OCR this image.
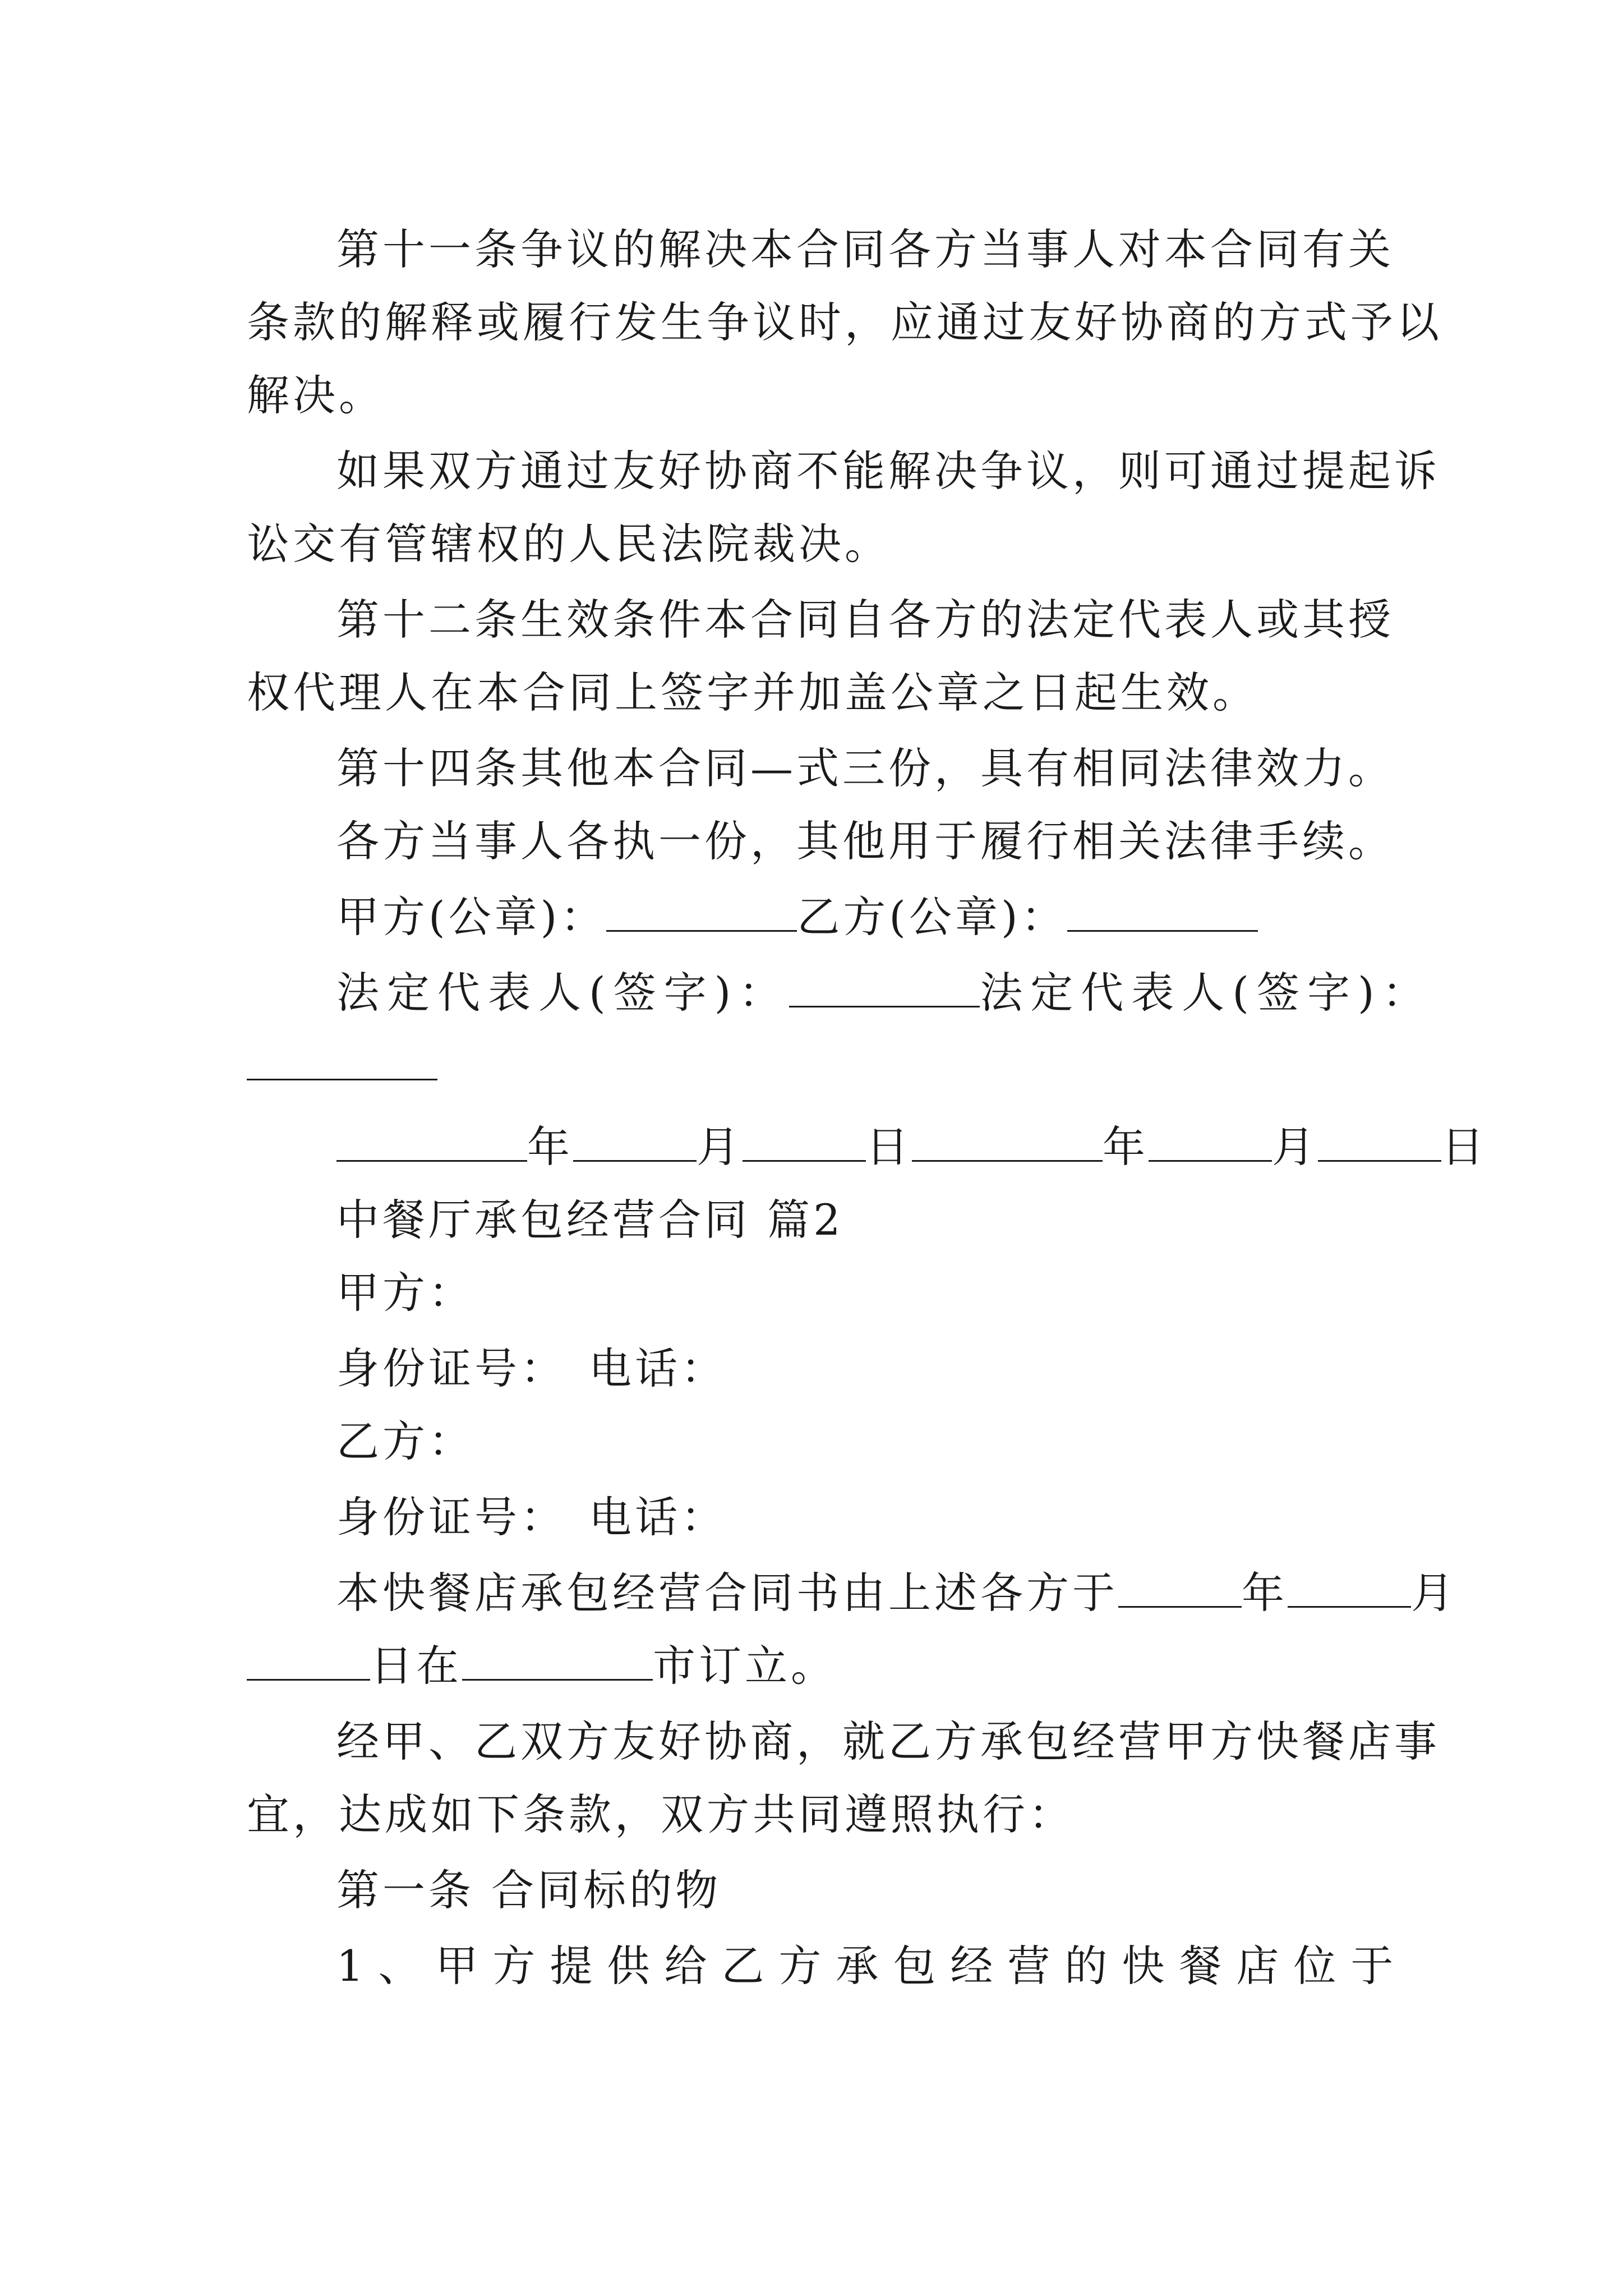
第十一条争议的解决本合同各方当事人对本合同有关
条款的解释或履行发生争议时，应通过友好协商的方式予以
解决。
如果双方通过友好协商不能解决争议，则可通过提起诉
讼交有管辖权的人民法院裁决。
第十二条生效条件本合同自各方的法定代表人或其授
权代理人在本合同上签字并加盖公章之日起生效。
第十四条其他本合同—式三份，具有相同法律效力。
各方当事人各执一份，其他用于履行相关法律手续。
甲方(公章)：	乙方(公章)：
法定代表人(签字)：	法定代表人(签字)：
年	月	日	年	月	日
中餐厅承包经营合同 篇2
甲方：
身份证号： 电话：
乙方：
身份证号： 电话：
本快餐店承包经营合同书由上述各方于	年	月
日在	市订立。
经甲、乙双方友好协商，就乙方承包经营甲方快餐店事
宜，达成如下条款，双方共同遵照执行：
第一条 合同标的物
1、甲方提供给乙方承包经营的快餐店位于
